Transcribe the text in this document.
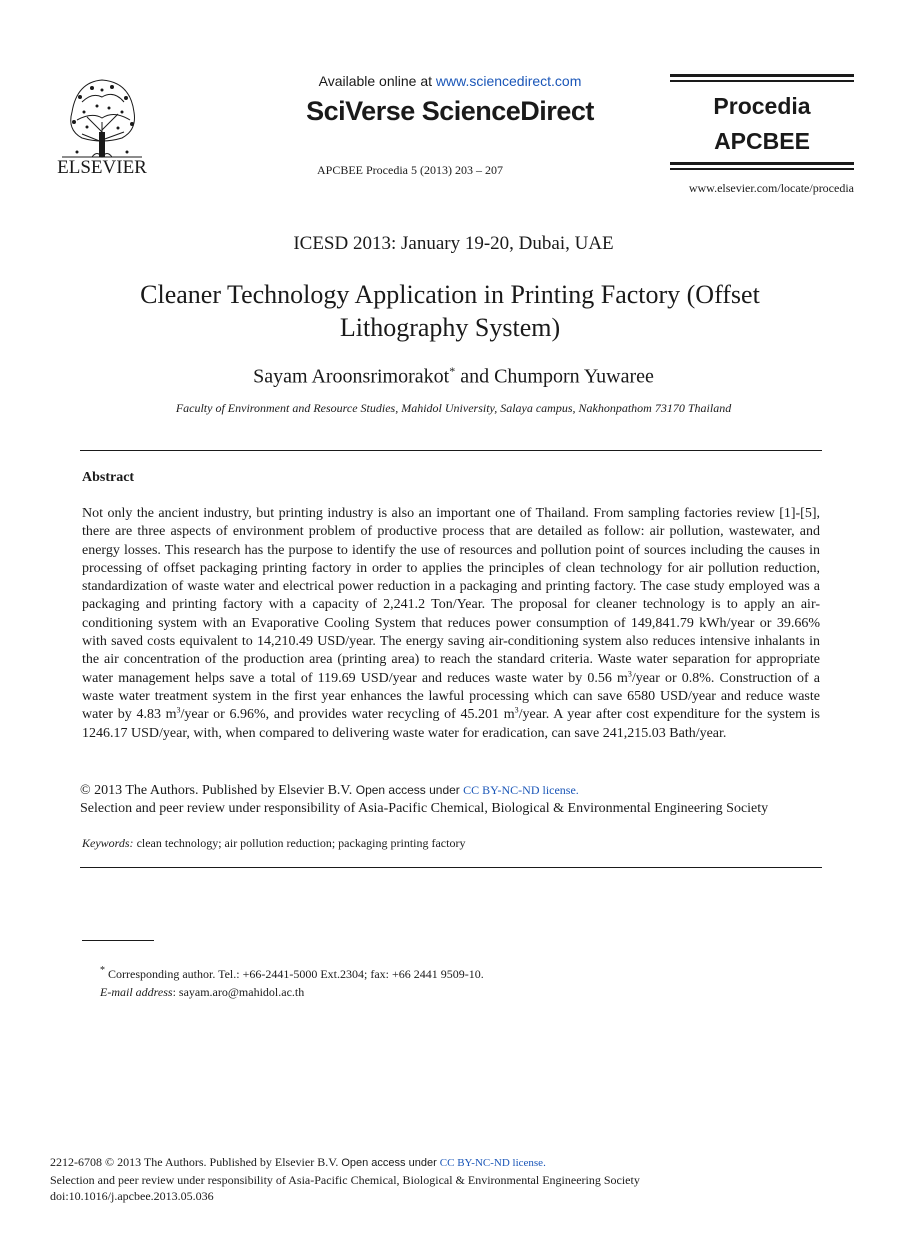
ELSEVIER
Available online at www.sciencedirect.com
SciVerse ScienceDirect
APCBEE Procedia 5 (2013) 203 – 207
Procedia
APCBEE
www.elsevier.com/locate/procedia
ICESD 2013: January 19-20, Dubai, UAE
Cleaner Technology Application in Printing Factory (Offset
Lithography System)
Sayam Aroonsrimorakot* and Chumporn Yuwaree
Faculty of Environment and Resource Studies, Mahidol University, Salaya campus, Nakhonpathom 73170 Thailand
Abstract
Not only the ancient industry, but printing industry is also an important one of Thailand. From sampling factories review [1]-[5], there are three aspects of environment problem of productive process that are detailed as follow: air pollution, wastewater, and energy losses. This research has the purpose to identify the use of resources and pollution point of sources including the causes in processing of offset packaging printing factory in order to applies the principles of clean technology for air pollution reduction, standardization of waste water and electrical power reduction in a packaging and printing factory. The case study employed was a packaging and printing factory with a capacity of 2,241.2 Ton/Year. The proposal for cleaner technology is to apply an air-conditioning system with an Evaporative Cooling System that reduces power consumption of 149,841.79 kWh/year or 39.66% with saved costs equivalent to 14,210.49 USD/year. The energy saving air-conditioning system also reduces intensive inhalants in the air concentration of the production area (printing area) to reach the standard criteria. Waste water separation for appropriate water management helps save a total of 119.69 USD/year and reduces waste water by 0.56 $m^3$/year or 0.8%. Construction of a waste water treatment system in the first year enhances the lawful processing which can save 6580 USD/year and reduce waste water by 4.83 $m^3$/year or 6.96%, and provides water recycling of 45.201 $m^3$/year. A year after cost expenditure for the system is 1246.17 USD/year, with, when compared to delivering waste water for eradication, can save 241,215.03 Bath/year.
© 2013 The Authors. Published by Elsevier B.V. Open access under CC BY-NC-ND license.
Selection and peer review under responsibility of Asia-Pacific Chemical, Biological & Environmental Engineering Society
Keywords: clean technology; air pollution reduction; packaging printing factory
* Corresponding author. Tel.: +66-2441-5000 Ext.2304; fax: +66 2441 9509-10.
E-mail address: sayam.aro@mahidol.ac.th
2212-6708 © 2013 The Authors. Published by Elsevier B.V. Open access under CC BY-NC-ND license.
Selection and peer review under responsibility of Asia-Pacific Chemical, Biological & Environmental Engineering Society
doi:10.1016/j.apcbee.2013.05.036
